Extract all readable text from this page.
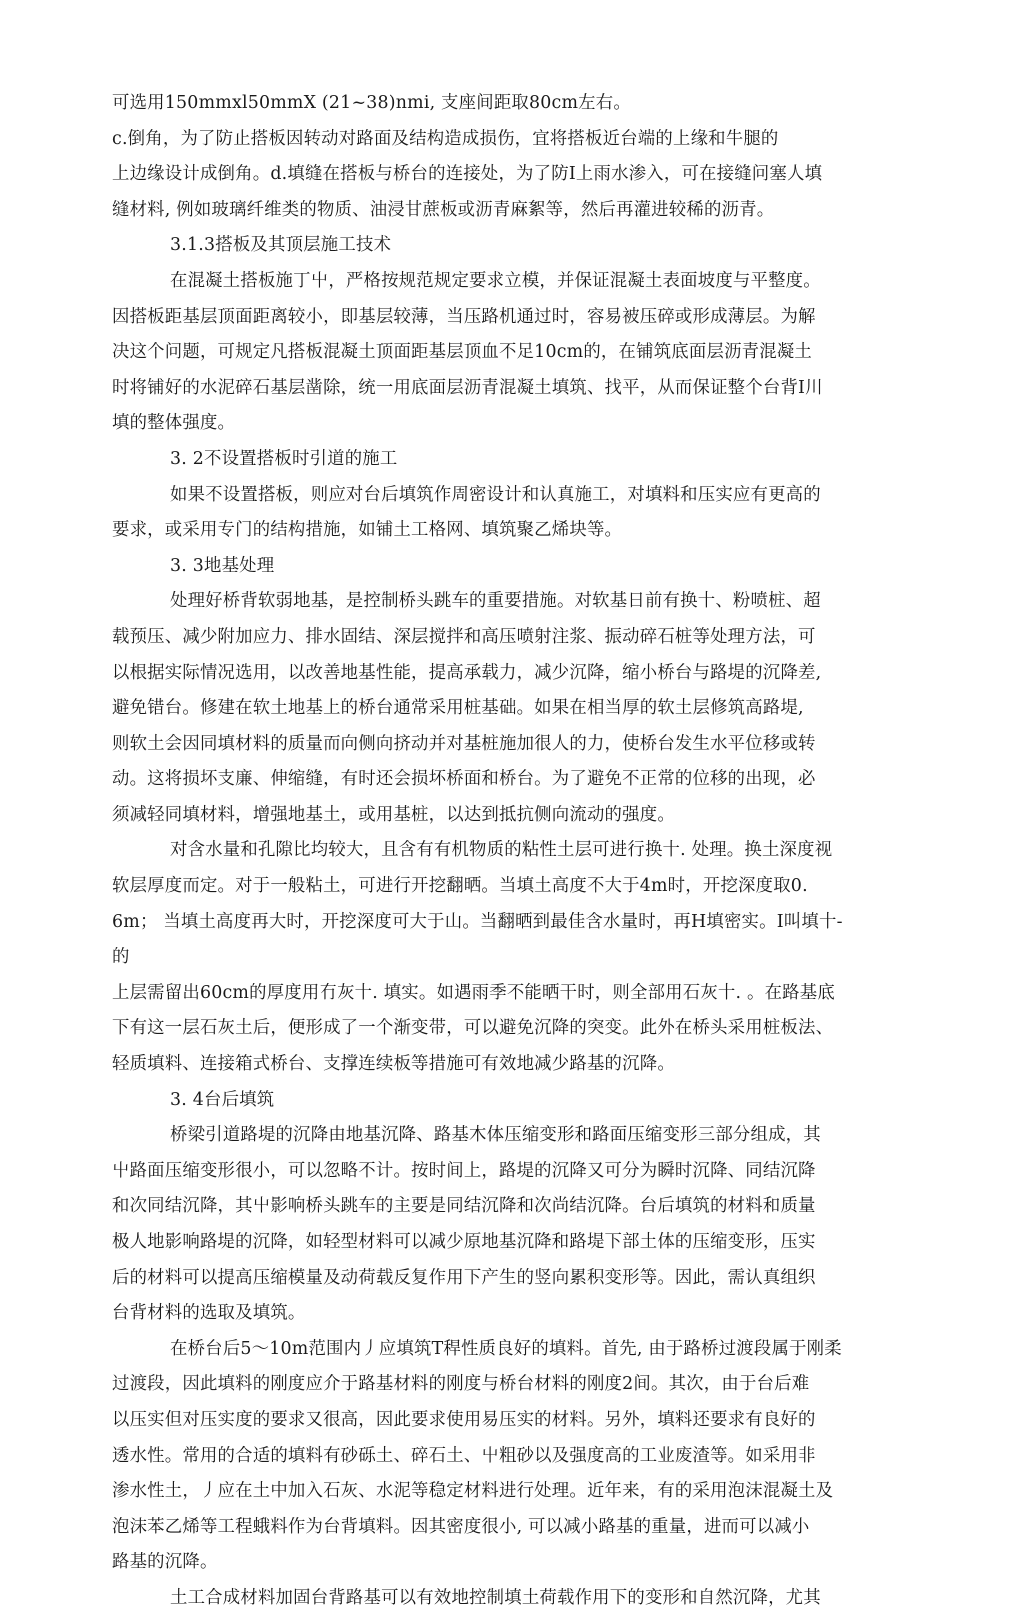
可选用150mmxl50mmX (21~38)nmi, 支座间距取80cm左右。
c.倒角，为了防止搭板因转动对路面及结构造成损伤，宜将搭板近台端的上缘和牛腿的
上边缘设计成倒角。d.填缝在搭板与桥台的连接处，为了防I上雨水渗入，可在接缝问塞人填
缝材料, 例如玻璃纤维类的物质、油浸甘蔗板或沥青麻絮等，然后再灌进较稀的沥青。
3.1.3搭板及其顶层施工技术
在混凝土搭板施丁屮，严格按规范规定要求立模，并保证混凝土表面坡度与平整度。
因搭板距基层顶面距离较小，即基层较薄，当压路机通过时，容易被压碎或形成薄层。为解
决这个问题，可规定凡搭板混凝土顶面距基层顶血不足10cm的，在铺筑底面层沥青混凝土
时将铺好的水泥碎石基层凿除，统一用底面层沥青混凝土填筑、找平，从而保证整个台背I川
填的整体强度。
3. 2不设置搭板时引道的施工
如果不设置搭板，则应对台后填筑作周密设计和认真施工，对填料和压实应有更高的
要求，或采用专门的结构措施，如铺土工格网、填筑聚乙烯块等。
3. 3地基处理
处理好桥背软弱地基，是控制桥头跳车的重要措施。对软基日前有换十、粉喷桩、超
载预压、减少附加应力、排水固结、深层搅拌和高压喷射注浆、振动碎石桩等处理方法，可
以根据实际情况选用，以改善地基性能，提高承载力，减少沉降，缩小桥台与路堤的沉降差,
避免错台。修建在软土地基上的桥台通常采用桩基础。如果在相当厚的软土层修筑高路堤,
则软土会因同填材料的质量而向侧向挤动并对基桩施加很人的力，使桥台发生水平位移或转
动。这将损坏支廉、伸缩缝，有时还会损坏桥面和桥台。为了避免不正常的位移的出现，必
须减轻同填材料，增强地基土，或用基桩，以达到抵抗侧向流动的强度。
对含水量和孔隙比均较大，且含有有机物质的粘性土层可进行换十. 处理。换土深度视
软层厚度而定。对于一般粘土，可进行开挖翻晒。当填土高度不大于4m时，开挖深度取0.
6m； 当填土高度再大时，开挖深度可大于山。当翻晒到最佳含水量时，再H填密实。I叫填十-
的
上层需留出60cm的厚度用冇灰十. 填实。如遇雨季不能晒干时，则全部用石灰十. 。在路基底
下有这一层石灰土后，便形成了一个渐变带，可以避免沉降的突变。此外在桥头采用桩板法、
轻质填料、连接箱式桥台、支撑连续板等措施可有效地减少路基的沉降。
3. 4台后填筑
桥梁引道路堤的沉降由地基沉降、路基木体压缩变形和路面压缩变形三部分组成，其
屮路面压缩变形很小，可以忽略不计。按时间上，路堤的沉降又可分为瞬时沉降、同结沉降
和次同结沉降，其屮影响桥头跳车的主要是同结沉降和次尚结沉降。台后填筑的材料和质量
极人地影响路堤的沉降，如轻型材料可以减少原地基沉降和路堤下部土体的压缩变形，压实
后的材料可以提高压缩模量及动荷载反复作用下产生的竖向累积变形等。因此，需认真组织
台背材料的选取及填筑。
在桥台后5～10m范围内丿应填筑T稈性质良好的填料。首先, 由于路桥过渡段属于刚柔
过渡段，因此填料的刚度应介于路基材料的刚度与桥台材料的刚度2间。其次，由于台后难
以压实但对压实度的要求又很高，因此要求使用易压实的材料。另外，填料还要求有良好的
透水性。常用的合适的填料有砂砾土、碎石土、屮粗砂以及强度高的工业废渣等。如采用非
渗水性土，丿应在土中加入石灰、水泥等稳定材料进行处理。近年来，有的采用泡沫混凝土及
泡沫苯乙烯等工程蛾料作为台背填料。因其密度很小, 可以减小路基的重量，进而可以减小
路基的沉降。
土工合成材料加固台背路基可以有效地控制填土荷载作用下的变形和自然沉降，尤其
